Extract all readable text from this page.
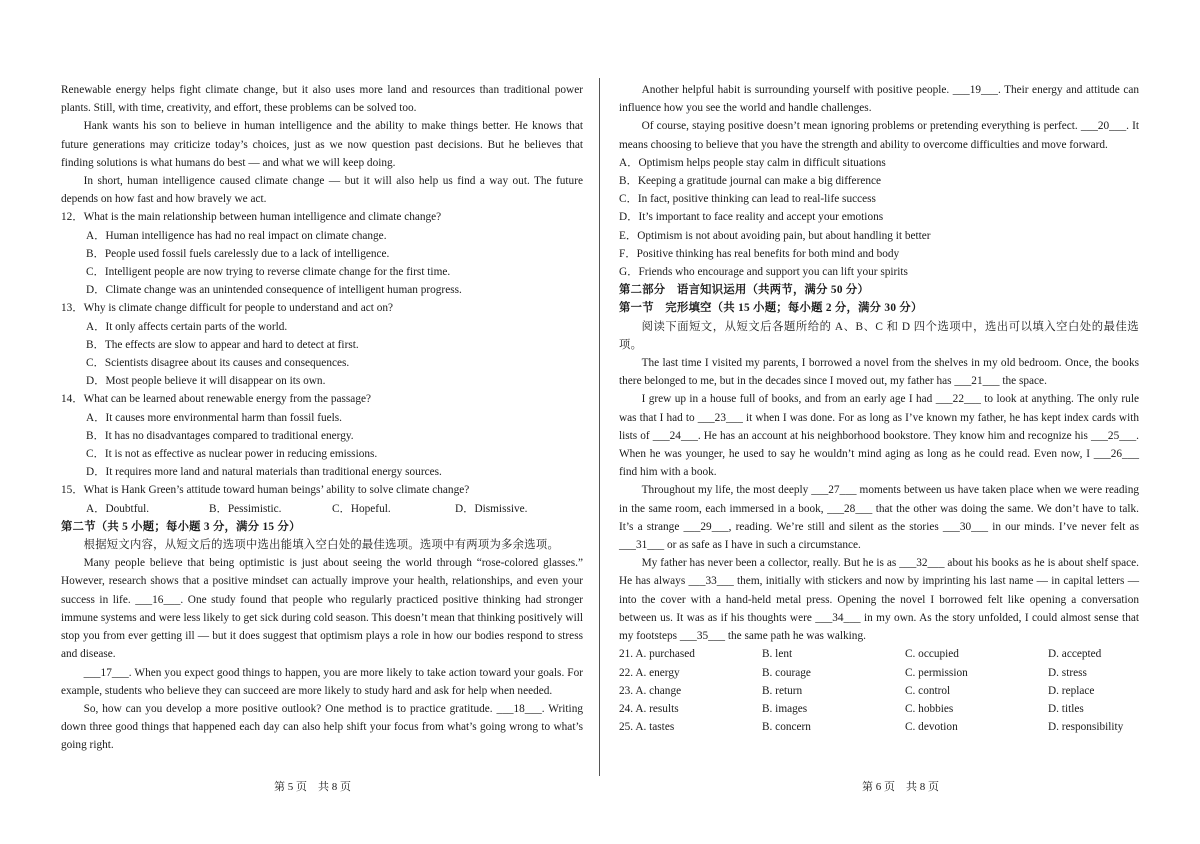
Renewable energy helps fight climate change, but it also uses more land and resources than traditional power plants. Still, with time, creativity, and effort, these problems can be solved too.

Hank wants his son to believe in human intelligence and the ability to make things better. He knows that future generations may criticize today’s choices, just as we now question past decisions. But he believes that finding solutions is what humans do best — and what we will keep doing.

In short, human intelligence caused climate change — but it will also help us find a way out. The future depends on how fast and how bravely we act.

12．What is the main relationship between human intelligence and climate change?

A．Human intelligence has had no real impact on climate change.

B．People used fossil fuels carelessly due to a lack of intelligence.

C．Intelligent people are now trying to reverse climate change for the first time.

D．Climate change was an unintended consequence of intelligent human progress.

13．Why is climate change difficult for people to understand and act on?

A．It only affects certain parts of the world.

B．The effects are slow to appear and hard to detect at first.

C．Scientists disagree about its causes and consequences.

D．Most people believe it will disappear on its own.

14．What can be learned about renewable energy from the passage?

A．It causes more environmental harm than fossil fuels.

B．It has no disadvantages compared to traditional energy.

C．It is not as effective as nuclear power in reducing emissions.

D．It requires more land and natural materials than traditional energy sources.

15．What is Hank Green’s attitude toward human beings’ ability to solve climate change?

A．Doubtful.	B．Pessimistic.	C．Hopeful.	D．Dismissive.

第二节（共 5 小题；每小题 3 分，满分 15 分）

根据短文内容，从短文后的选项中选出能填入空白处的最佳选项。选项中有两项为多余选项。

Many people believe that being optimistic is just about seeing the world through “rose-colored glasses.” However, research shows that a positive mindset can actually improve your health, relationships, and even your success in life. ___16___. One study found that people who regularly practiced positive thinking had stronger immune systems and were less likely to get sick during cold season. This doesn’t mean that thinking positively will stop you from ever getting ill — but it does suggest that optimism plays a role in how our bodies respond to stress and disease.

___17___. When you expect good things to happen, you are more likely to take action toward your goals. For example, students who believe they can succeed are more likely to study hard and ask for help when needed.

So, how can you develop a more positive outlook? One method is to practice gratitude. ___18___. Writing down three good things that happened each day can also help shift your focus from what’s going wrong to what’s going right.

Another helpful habit is surrounding yourself with positive people. ___19___. Their energy and attitude can influence how you see the world and handle challenges.

Of course, staying positive doesn’t mean ignoring problems or pretending everything is perfect. ___20___. It means choosing to believe that you have the strength and ability to overcome difficulties and move forward.

A．Optimism helps people stay calm in difficult situations

B．Keeping a gratitude journal can make a big difference

C．In fact, positive thinking can lead to real-life success

D．It’s important to face reality and accept your emotions

E．Optimism is not about avoiding pain, but about handling it better

F．Positive thinking has real benefits for both mind and body

G．Friends who encourage and support you can lift your spirits

第二部分　语言知识运用（共两节，满分 50 分）

第一节　完形填空（共 15 小题；每小题 2 分，满分 30 分）

阅读下面短文，从短文后各题所给的 A、B、C 和 D 四个选项中，选出可以填入空白处的最佳选项。

The last time I visited my parents, I borrowed a novel from the shelves in my old bedroom. Once, the books there belonged to me, but in the decades since I moved out, my father has ___21___ the space.

I grew up in a house full of books, and from an early age I had ___22___ to look at anything. The only rule was that I had to ___23___ it when I was done. For as long as I’ve known my father, he has kept index cards with lists of ___24___. He has an account at his neighborhood bookstore. They know him and recognize his ___25___. When he was younger, he used to say he wouldn’t mind aging as long as he could read. Even now, I ___26___ find him with a book.

Throughout my life, the most deeply ___27___ moments between us have taken place when we were reading in the same room, each immersed in a book, ___28___ that the other was doing the same. We don’t have to talk. It’s a strange ___29___, reading. We’re still and silent as the stories ___30___ in our minds. I’ve never felt as ___31___ or as safe as I have in such a circumstance.

My father has never been a collector, really. But he is as ___32___ about his books as he is about shelf space. He has always ___33___ them, initially with stickers and now by imprinting his last name — in capital letters — into the cover with a hand-held metal press. Opening the novel I borrowed felt like opening a conversation between us. It was as if his thoughts were ___34___ in my own. As the story unfolded, I could almost sense that my footsteps ___35___ the same path he was walking.

21. A. purchased	B. lent	C. occupied	D. accepted
22. A. energy	B. courage	C. permission	D. stress
23. A. change	B. return	C. control	D. replace
24. A. results	B. images	C. hobbies	D. titles
25. A. tastes	B. concern	C. devotion	D. responsibility
第 5 页　共 8 页	第 6 页　共 8 页
